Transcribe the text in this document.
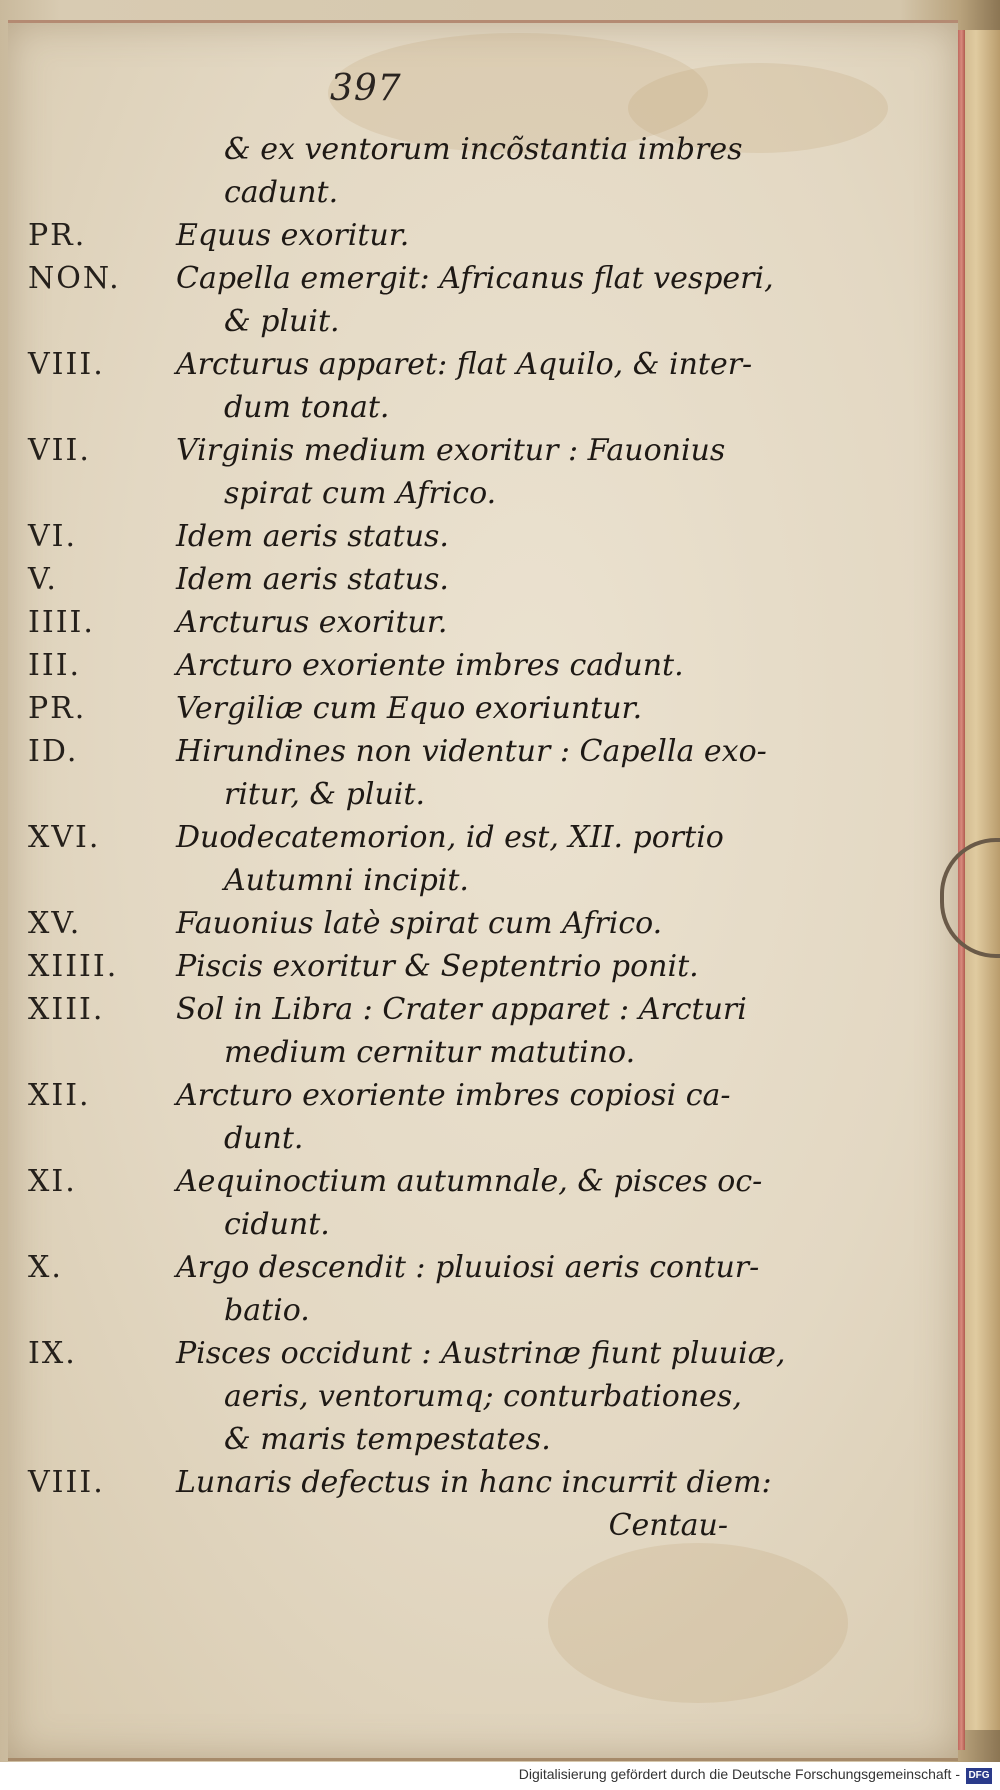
397
& ex ventorum incõstantia imbres
cadunt.
PR.	Equus exoritur.
NON.	Capella emergit: Africanus flat vesperi,
& pluit.
VIII.	Arcturus apparet: flat Aquilo, & inter-
dum tonat.
VII.	Virginis medium exoritur : Fauonius
spirat cum Africo.
VI.	Idem aeris status.
V.	Idem aeris status.
IIII.	Arcturus exoritur.
III.	Arcturo exoriente imbres cadunt.
PR.	Vergiliæ cum Equo exoriuntur.
ID.	Hirundines non videntur : Capella exo-
ritur, & pluit.
XVI.	Duodecatemorion, id est, XII. portio
Autumni incipit.
XV.	Fauonius latè spirat cum Africo.
XIIII.	Piscis exoritur & Septentrio ponit.
XIII.	Sol in Libra : Crater apparet : Arcturi
medium cernitur matutino.
XII.	Arcturo exoriente imbres copiosi ca-
dunt.
XI.	Aequinoctium autumnale, & pisces oc-
cidunt.
X.	Argo descendit : pluuiosi aeris contur-
batio.
IX.	Pisces occidunt : Austrinæ fiunt pluuiæ,
aeris, ventorumq; conturbationes,
& maris tempestates.
VIII.	Lunaris defectus in hanc incurrit diem:
Centau-
Digitalisierung gefördert durch die Deutsche Forschungsgemeinschaft - DFG
